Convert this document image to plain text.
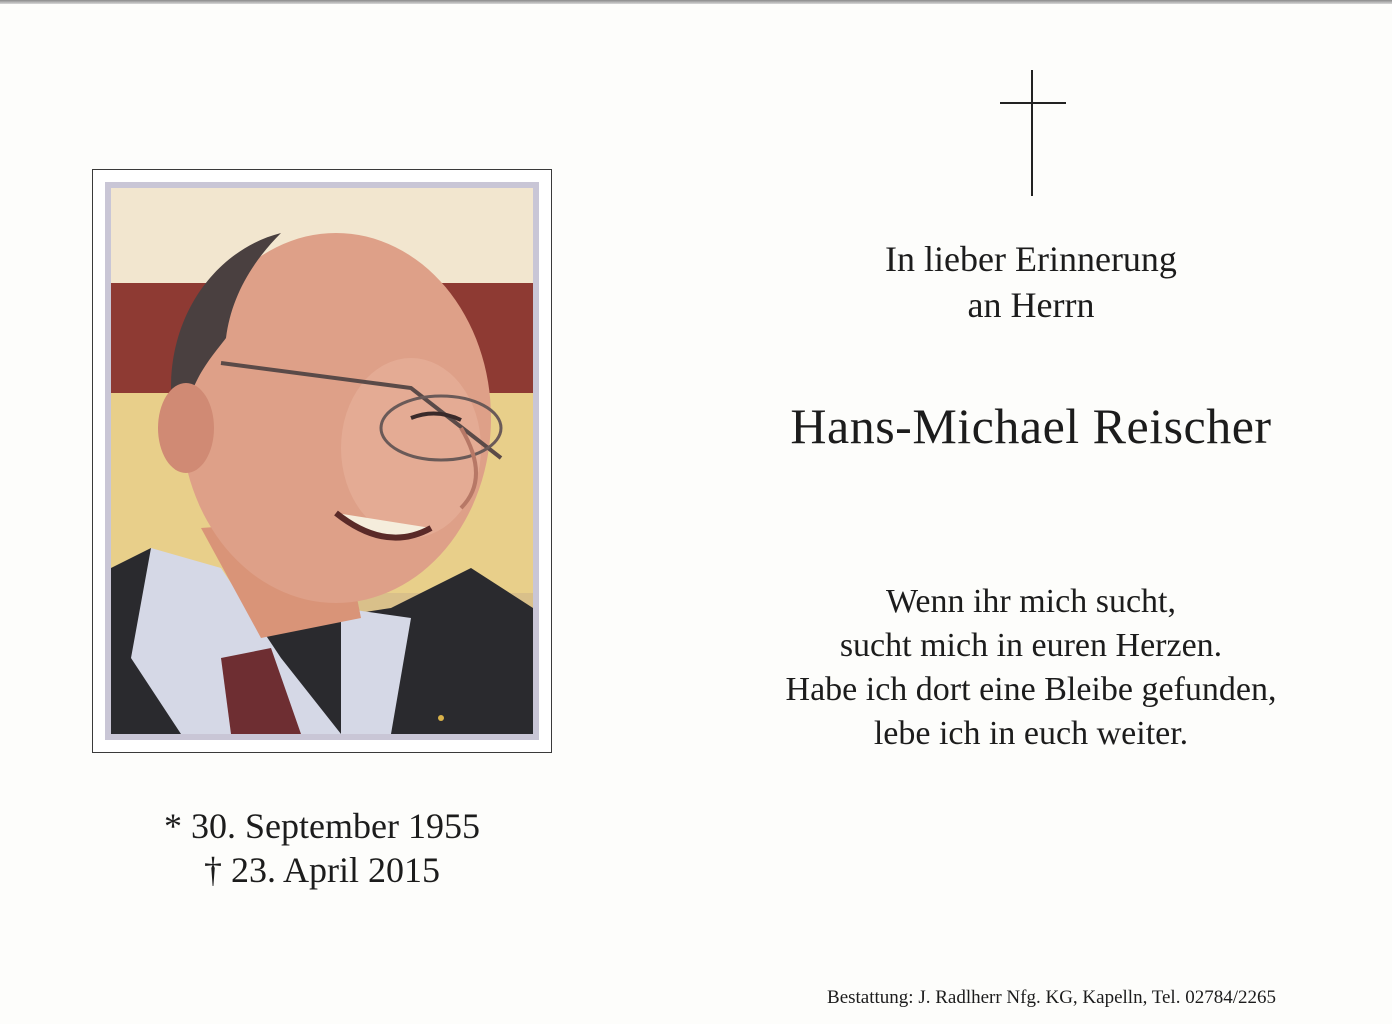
* 30. September 1955
† 23. April 2015
In lieber Erinnerung
an Herrn
Hans-Michael Reischer
Wenn ihr mich sucht,
sucht mich in euren Herzen.
Habe ich dort eine Bleibe gefunden,
lebe ich in euch weiter.
Bestattung: J. Radlherr Nfg. KG, Kapelln, Tel. 02784/2265
